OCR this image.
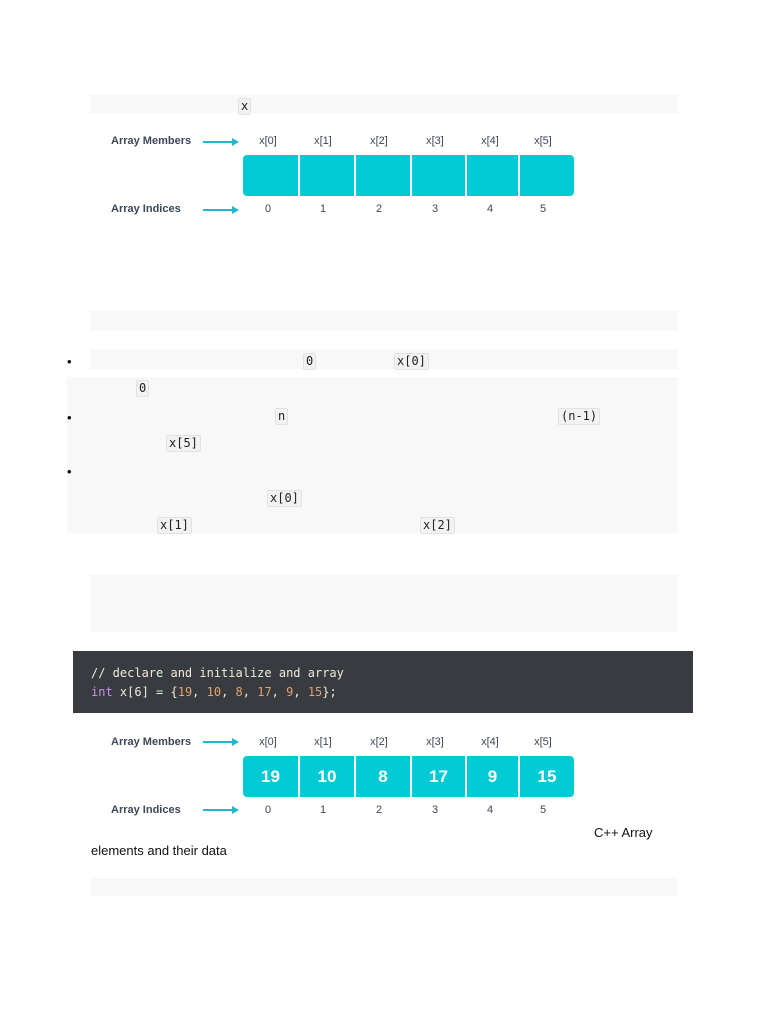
x
•	0	x[0]
0
•	n	(n-1)
x[5]
•
x[0]
x[1]	x[2]
Array Members	x[0]	x[1]	x[2]	x[3]	x[4]	x[5]
Array Indices	0	1	2	3	4	5
// declare and initialize and array
int x[6] = {19, 10, 8, 17, 9, 15};
Array Members	x[0]	x[1]	x[2]	x[3]	x[4]	x[5]
19	10	8	17	9	15
Array Indices	0	1	2	3	4	5
C++ Array
elements and their data
